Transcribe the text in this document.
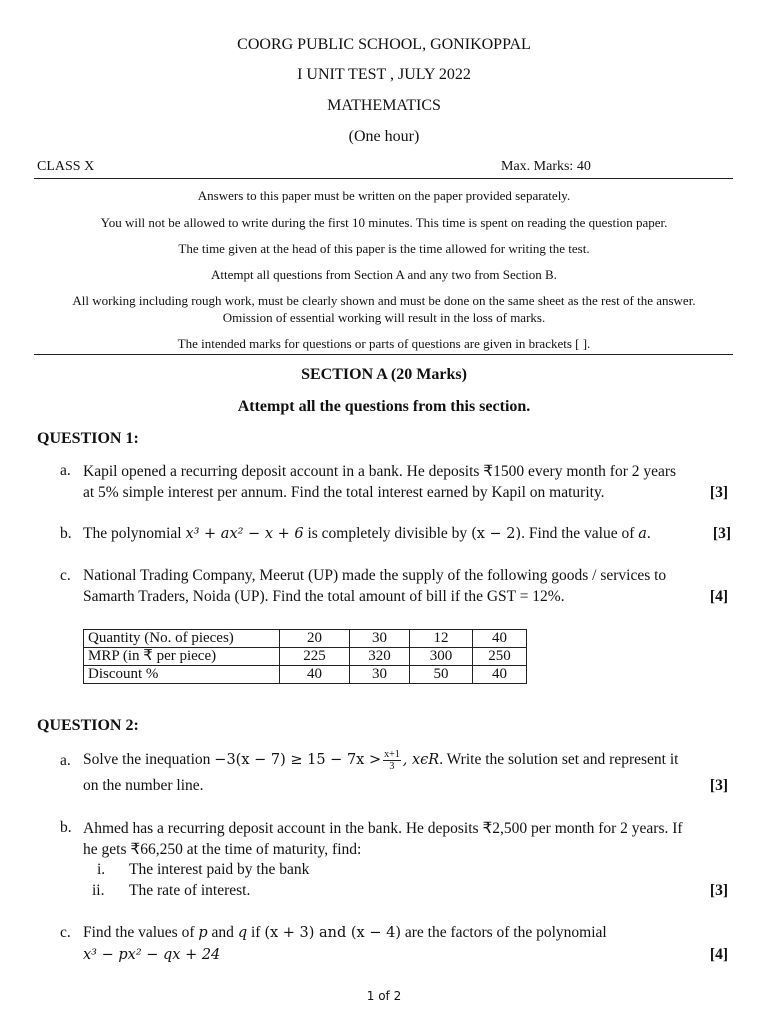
COORG PUBLIC SCHOOL, GONIKOPPAL
I UNIT TEST , JULY 2022
MATHEMATICS
(One hour)
CLASS X	Max. Marks: 40
Answers to this paper must be written on the paper provided separately.
You will not be allowed to write during the first 10 minutes. This time is spent on reading the question paper.
The time given at the head of this paper is the time allowed for writing the test.
Attempt all questions from Section A and any two from Section B.
All working including rough work, must be clearly shown and must be done on the same sheet as the rest of the answer.
Omission of essential working will result in the loss of marks.
The intended marks for questions or parts of questions are given in brackets [ ].
SECTION A (20 Marks)
Attempt all the questions from this section.
QUESTION 1:
a. Kapil opened a recurring deposit account in a bank. He deposits ₹1500 every month for 2 years
at 5% simple interest per annum. Find the total interest earned by Kapil on maturity.	[3]
b. The polynomial x³ + ax² − x + 6 is completely divisible by (x − 2). Find the value of a.	[3]
c. National Trading Company, Meerut (UP) made the supply of the following goods / services to
Samarth Traders, Noida (UP). Find the total amount of bill if the GST = 12%.	[4]
Quantity (No. of pieces)	20	30	12	40
MRP (in ₹ per piece)	225	320	300	250
Discount %	40	30	50	40
QUESTION 2:
a. Solve the inequation $-3(x - 7) \ge 15 - 7x > \frac{x+1}{3}$ , xϵR. Write the solution set and represent it
on the number line.	[3]
b. Ahmed has a recurring deposit account in the bank. He deposits ₹2,500 per month for 2 years. If
he gets ₹66,250 at the time of maturity, find:
i. The interest paid by the bank
ii. The rate of interest.	[3]
c. Find the values of p and q if (x + 3) and (x − 4) are the factors of the polynomial
x³ − px² − qx + 24	[4]
1 of 2
